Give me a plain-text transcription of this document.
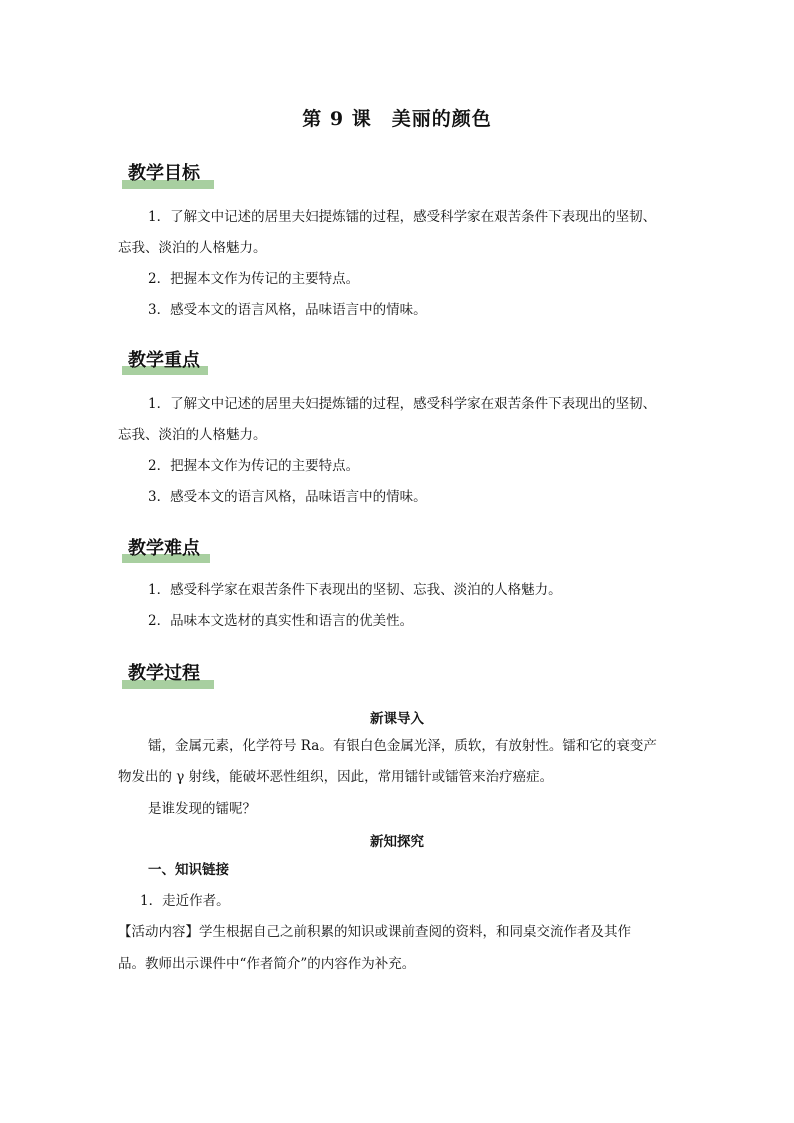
第 9 课　美丽的颜色
教学目标

1．了解文中记述的居里夫妇提炼镭的过程，感受科学家在艰苦条件下表现出的坚韧、

忘我、淡泊的人格魅力。

2．把握本文作为传记的主要特点。

3．感受本文的语言风格，品味语言中的情味。

教学重点

1．了解文中记述的居里夫妇提炼镭的过程，感受科学家在艰苦条件下表现出的坚韧、

忘我、淡泊的人格魅力。

2．把握本文作为传记的主要特点。

3．感受本文的语言风格，品味语言中的情味。

教学难点

1．感受科学家在艰苦条件下表现出的坚韧、忘我、淡泊的人格魅力。

2．品味本文选材的真实性和语言的优美性。

教学过程

新课导入

镭，金属元素，化学符号 Ra。有银白色金属光泽，质软，有放射性。镭和它的衰变产

物发出的 γ 射线，能破坏恶性组织，因此，常用镭针或镭管来治疗癌症。

是谁发现的镭呢？

新知探究

一、知识链接

1．走近作者。

【活动内容】学生根据自己之前积累的知识或课前查阅的资料，和同桌交流作者及其作

品。教师出示课件中“作者简介”的内容作为补充。
